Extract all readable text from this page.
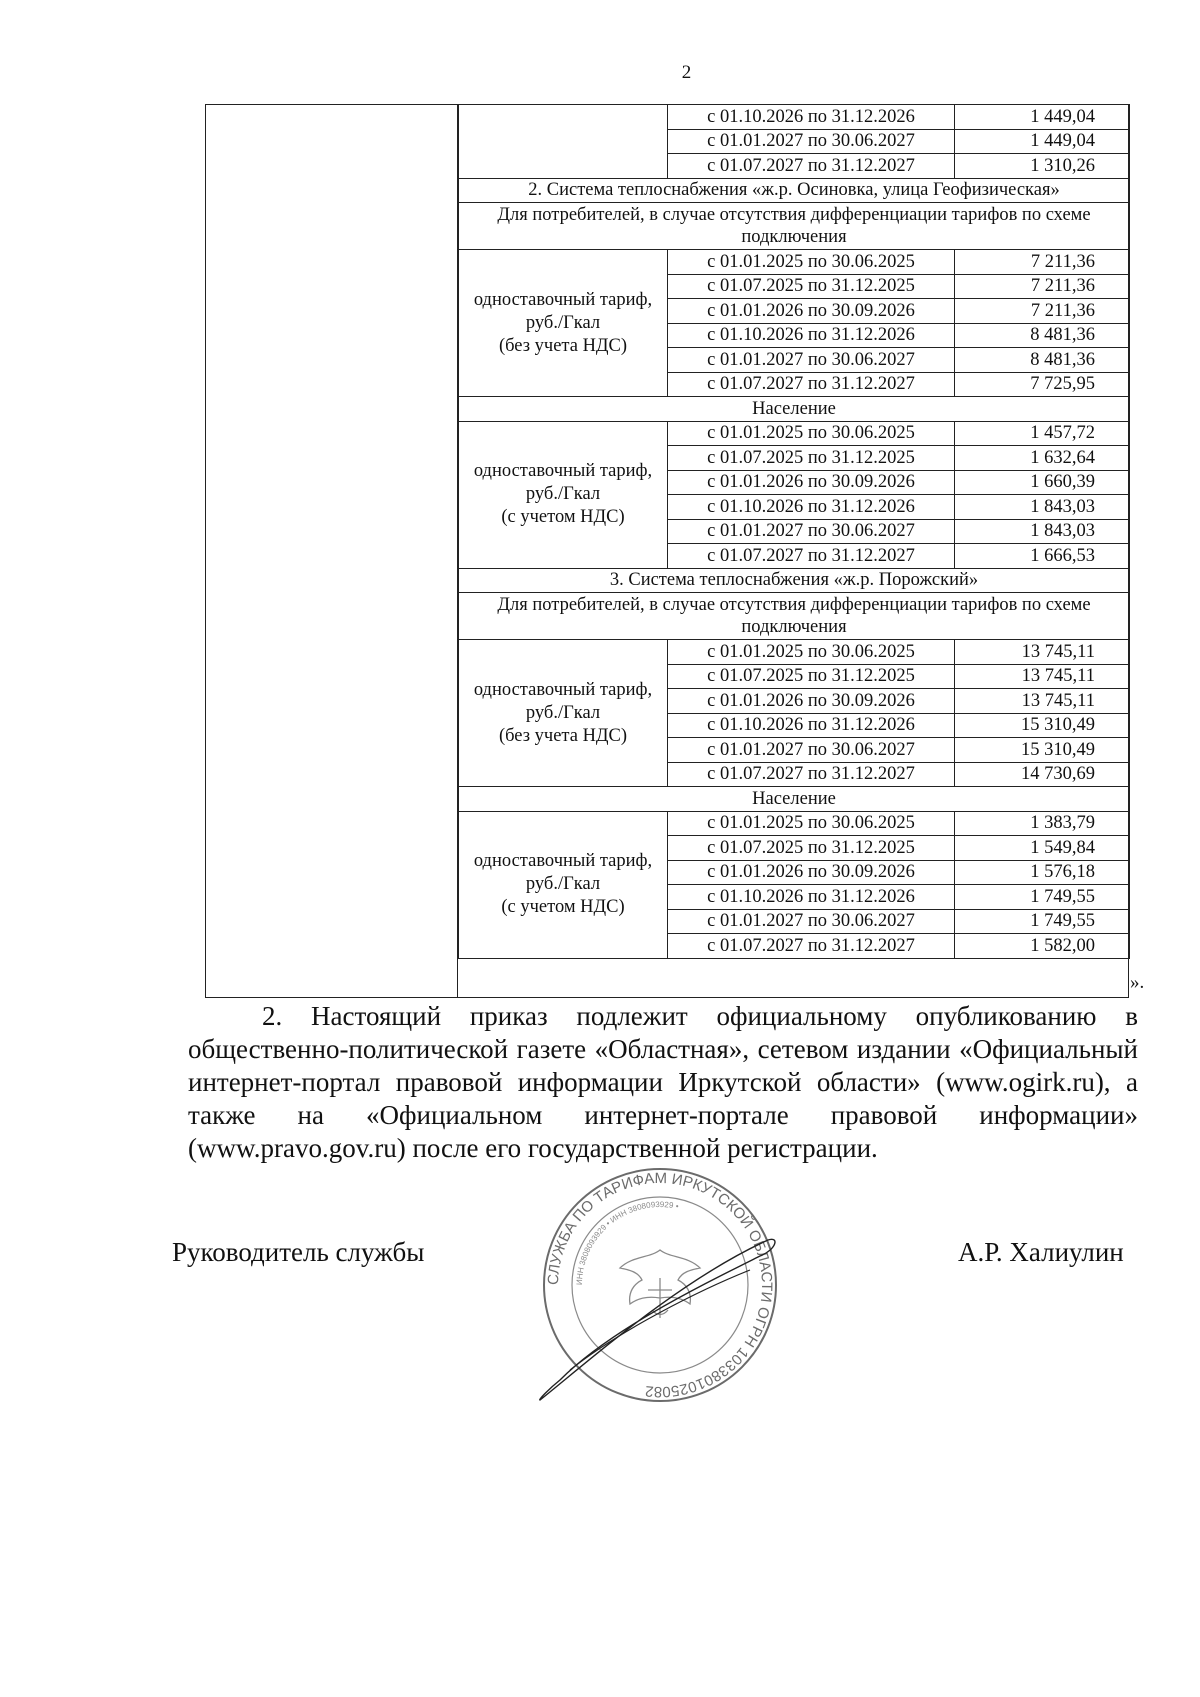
2
	с 01.10.2026 по 31.12.2026	1 449,04
	с 01.01.2027 по 30.06.2027	1 449,04
	с 01.07.2027 по 31.12.2027	1 310,26
2. Система теплоснабжения «ж.р. Осиновка, улица Геофизическая»		
Для потребителей, в случае отсутствия дифференциации тарифов по схеме подключения		

одноставочный тариф,
руб./Гкал
(без учета НДС)	с 01.01.2025 по 30.06.2025	7 211,36
	с 01.07.2025 по 31.12.2025	7 211,36
	с 01.01.2026 по 30.09.2026	7 211,36
	с 01.10.2026 по 31.12.2026	8 481,36
	с 01.01.2027 по 30.06.2027	8 481,36
	с 01.07.2027 по 31.12.2027	7 725,95
Население		

одноставочный тариф,
руб./Гкал
(с учетом НДС)	с 01.01.2025 по 30.06.2025	1 457,72
	с 01.07.2025 по 31.12.2025	1 632,64
	с 01.01.2026 по 30.09.2026	1 660,39
	с 01.10.2026 по 31.12.2026	1 843,03
	с 01.01.2027 по 30.06.2027	1 843,03
	с 01.07.2027 по 31.12.2027	1 666,53
3. Система теплоснабжения «ж.р. Порожский»		
Для потребителей, в случае отсутствия дифференциации тарифов по схеме подключения		

одноставочный тариф,
руб./Гкал
(без учета НДС)	с 01.01.2025 по 30.06.2025	13 745,11
	с 01.07.2025 по 31.12.2025	13 745,11
	с 01.01.2026 по 30.09.2026	13 745,11
	с 01.10.2026 по 31.12.2026	15 310,49
	с 01.01.2027 по 30.06.2027	15 310,49
	с 01.07.2027 по 31.12.2027	14 730,69
Население		

одноставочный тариф,
руб./Гкал
(с учетом НДС)	с 01.01.2025 по 30.06.2025	1 383,79
	с 01.07.2025 по 31.12.2025	1 549,84
	с 01.01.2026 по 30.09.2026	1 576,18
	с 01.10.2026 по 31.12.2026	1 749,55
	с 01.01.2027 по 30.06.2027	1 749,55
	с 01.07.2027 по 31.12.2027	1 582,00
».
2. Настоящий приказ подлежит официальному опубликованию в общественно-политической газете «Областная», сетевом издании «Официальный интернет-портал правовой информации Иркутской области» (www.ogirk.ru), а также на «Официальном интернет-портале правовой информации» (www.pravo.gov.ru) после его государственной регистрации.
Руководитель службы
СЛУЖБА ПО ТАРИФАМ ИРКУТСКОЙ ОБЛАСТИ ОГРН 1033801025082
ИНН 3808093929 • ИНН 3808093929 •
А.Р. Халиулин
